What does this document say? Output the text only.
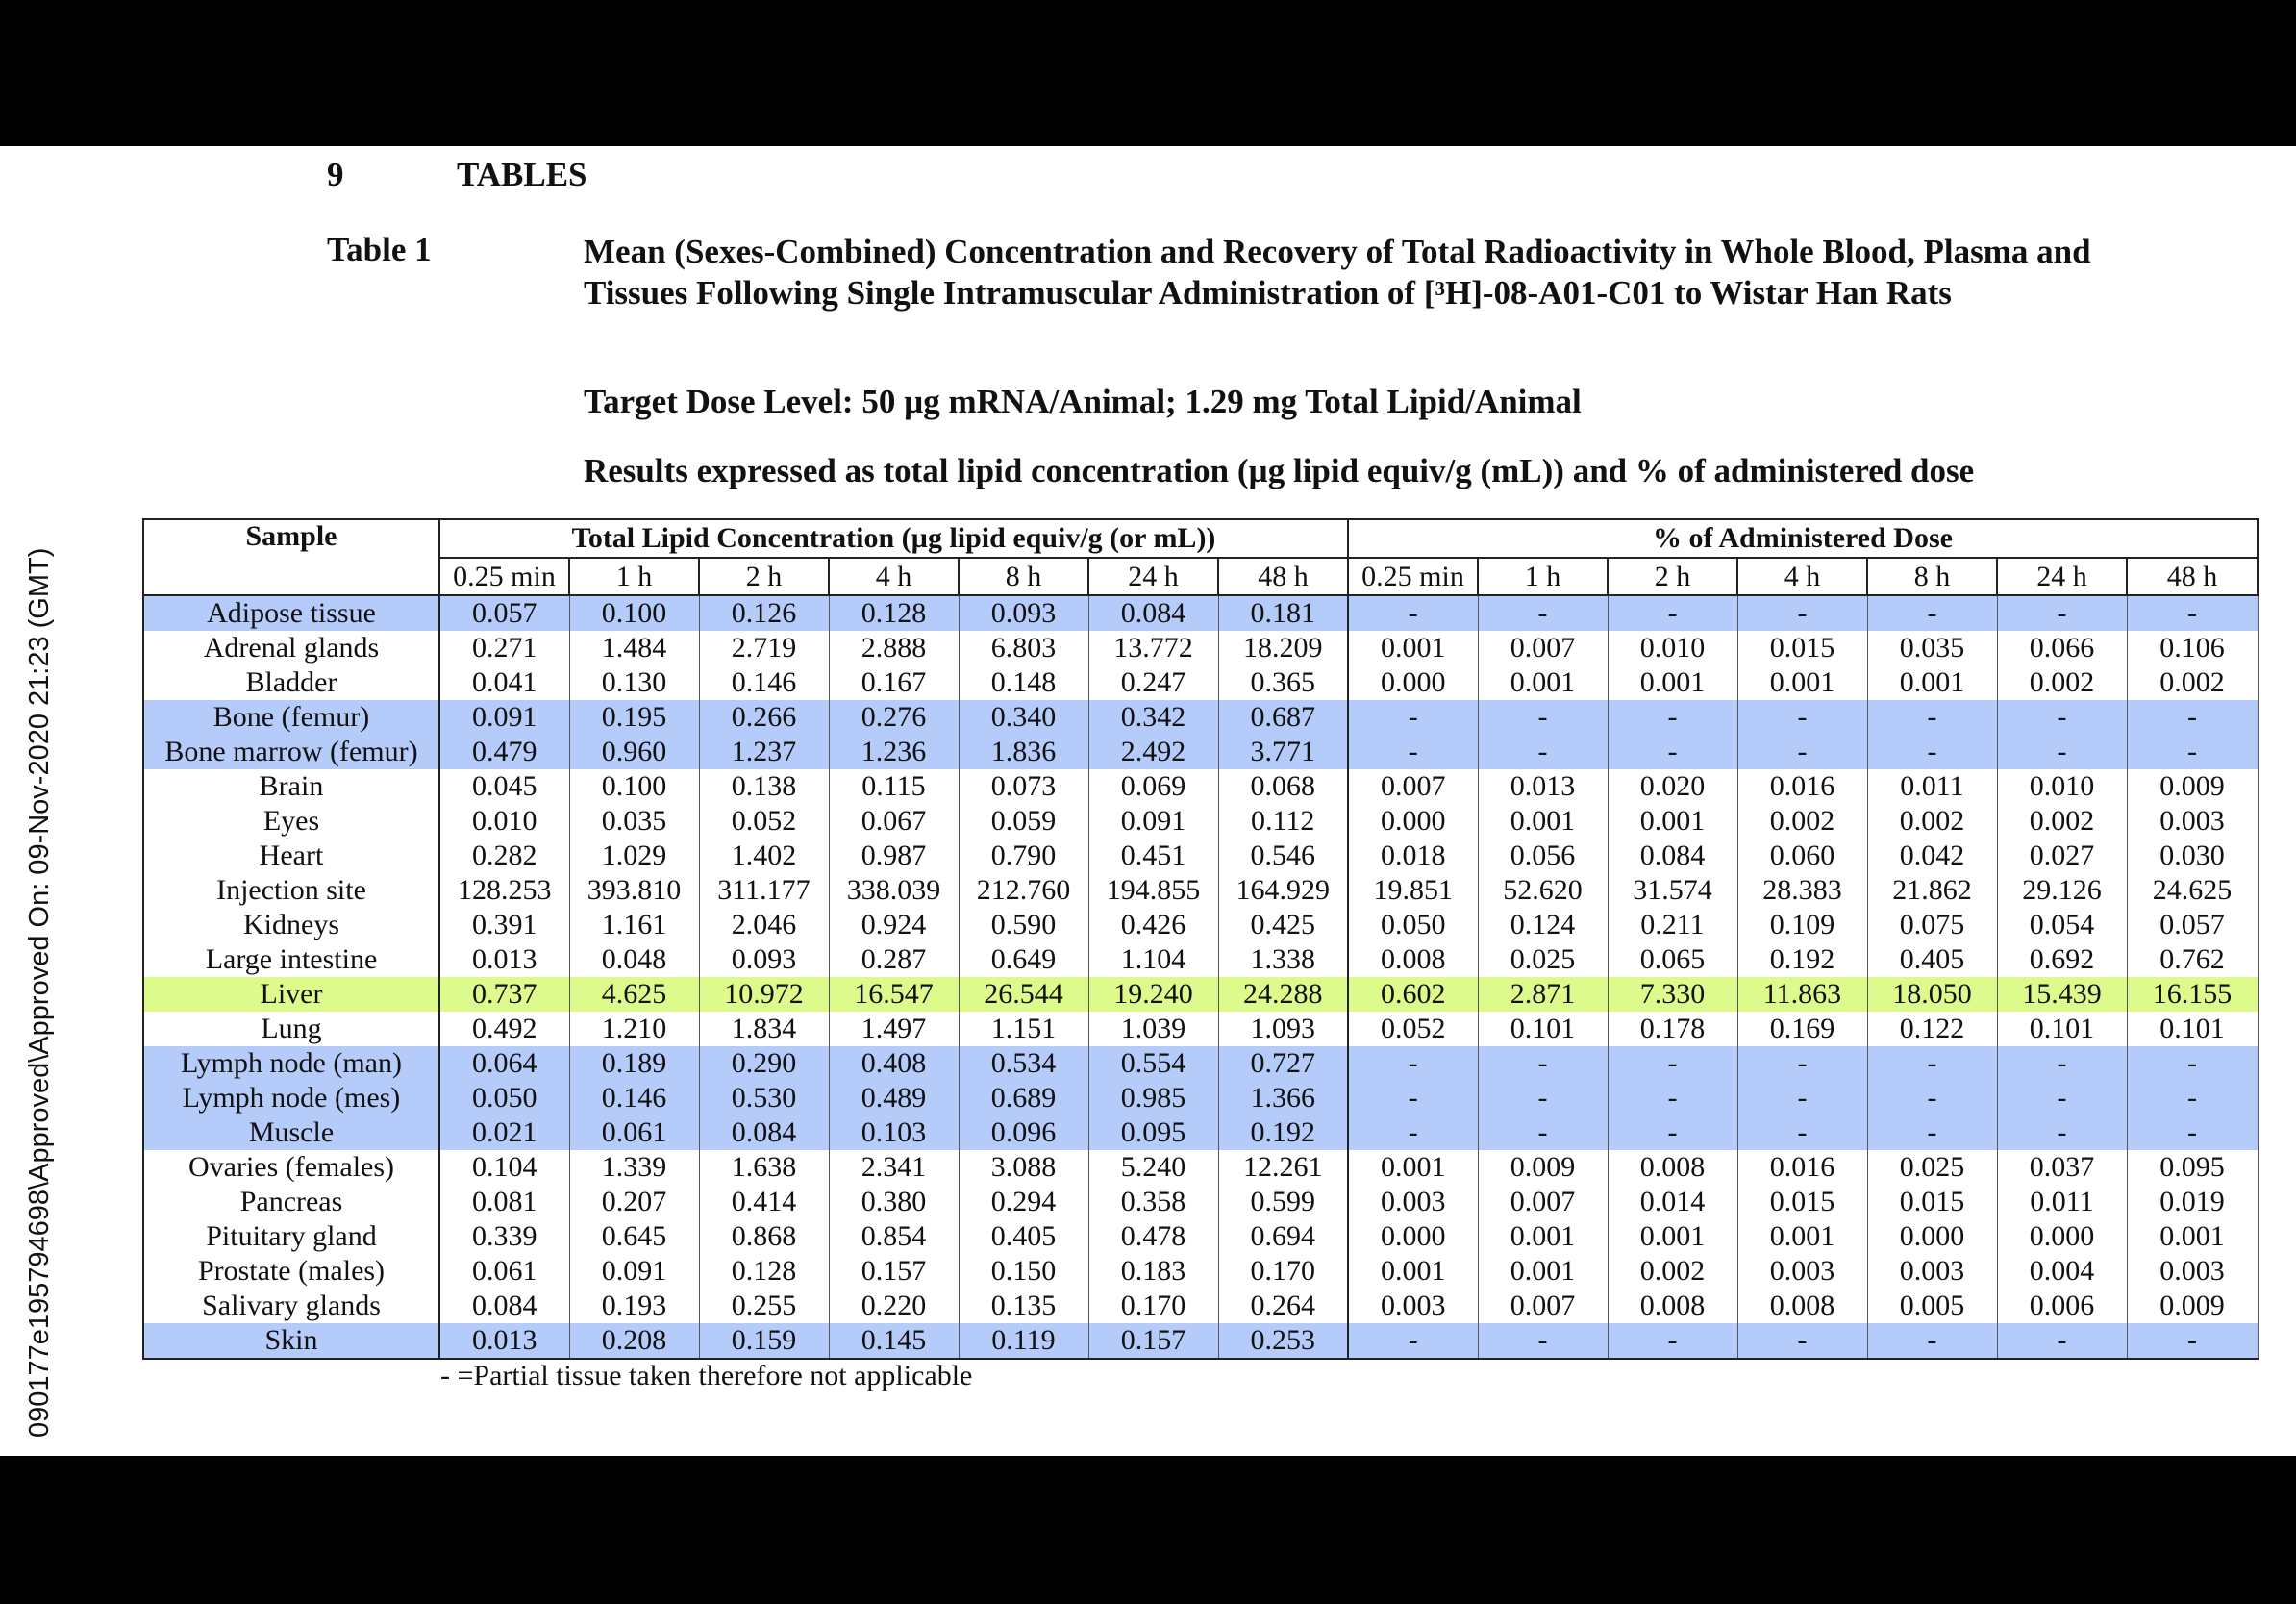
9	TABLES
Table 1	Mean (Sexes-Combined) Concentration and Recovery of Total Radioactivity in Whole Blood, Plasma and Tissues Following Single Intramuscular Administration of [³H]-08-A01-C01 to Wistar Han Rats
Target Dose Level: 50 µg mRNA/Animal; 1.29 mg Total Lipid/Animal
Results expressed as total lipid concentration (µg lipid equiv/g (mL)) and % of administered dose
Sample	Total Lipid Concentration (µg lipid equiv/g (or mL))							% of Administered Dose						
	0.25 min	1 h	2 h	4 h	8 h	24 h	48 h	0.25 min	1 h	2 h	4 h	8 h	24 h	48 h
Adipose tissue	0.057	0.100	0.126	0.128	0.093	0.084	0.181	-	-	-	-	-	-	-
Adrenal glands	0.271	1.484	2.719	2.888	6.803	13.772	18.209	0.001	0.007	0.010	0.015	0.035	0.066	0.106
Bladder	0.041	0.130	0.146	0.167	0.148	0.247	0.365	0.000	0.001	0.001	0.001	0.001	0.002	0.002
Bone (femur)	0.091	0.195	0.266	0.276	0.340	0.342	0.687	-	-	-	-	-	-	-
Bone marrow (femur)	0.479	0.960	1.237	1.236	1.836	2.492	3.771	-	-	-	-	-	-	-
Brain	0.045	0.100	0.138	0.115	0.073	0.069	0.068	0.007	0.013	0.020	0.016	0.011	0.010	0.009
Eyes	0.010	0.035	0.052	0.067	0.059	0.091	0.112	0.000	0.001	0.001	0.002	0.002	0.002	0.003
Heart	0.282	1.029	1.402	0.987	0.790	0.451	0.546	0.018	0.056	0.084	0.060	0.042	0.027	0.030
Injection site	128.253	393.810	311.177	338.039	212.760	194.855	164.929	19.851	52.620	31.574	28.383	21.862	29.126	24.625
Kidneys	0.391	1.161	2.046	0.924	0.590	0.426	0.425	0.050	0.124	0.211	0.109	0.075	0.054	0.057
Large intestine	0.013	0.048	0.093	0.287	0.649	1.104	1.338	0.008	0.025	0.065	0.192	0.405	0.692	0.762
Liver	0.737	4.625	10.972	16.547	26.544	19.240	24.288	0.602	2.871	7.330	11.863	18.050	15.439	16.155
Lung	0.492	1.210	1.834	1.497	1.151	1.039	1.093	0.052	0.101	0.178	0.169	0.122	0.101	0.101
Lymph node (man)	0.064	0.189	0.290	0.408	0.534	0.554	0.727	-	-	-	-	-	-	-
Lymph node (mes)	0.050	0.146	0.530	0.489	0.689	0.985	1.366	-	-	-	-	-	-	-
Muscle	0.021	0.061	0.084	0.103	0.096	0.095	0.192	-	-	-	-	-	-	-
Ovaries (females)	0.104	1.339	1.638	2.341	3.088	5.240	12.261	0.001	0.009	0.008	0.016	0.025	0.037	0.095
Pancreas	0.081	0.207	0.414	0.380	0.294	0.358	0.599	0.003	0.007	0.014	0.015	0.015	0.011	0.019
Pituitary gland	0.339	0.645	0.868	0.854	0.405	0.478	0.694	0.000	0.001	0.001	0.001	0.000	0.000	0.001
Prostate (males)	0.061	0.091	0.128	0.157	0.150	0.183	0.170	0.001	0.001	0.002	0.003	0.003	0.004	0.003
Salivary glands	0.084	0.193	0.255	0.220	0.135	0.170	0.264	0.003	0.007	0.008	0.008	0.005	0.006	0.009
Skin	0.013	0.208	0.159	0.145	0.119	0.157	0.253	-	-	-	-	-	-	-
- =Partial tissue taken therefore not applicable
090177e195794698\Approved\Approved On: 09-Nov-2020 21:23 (GMT)
